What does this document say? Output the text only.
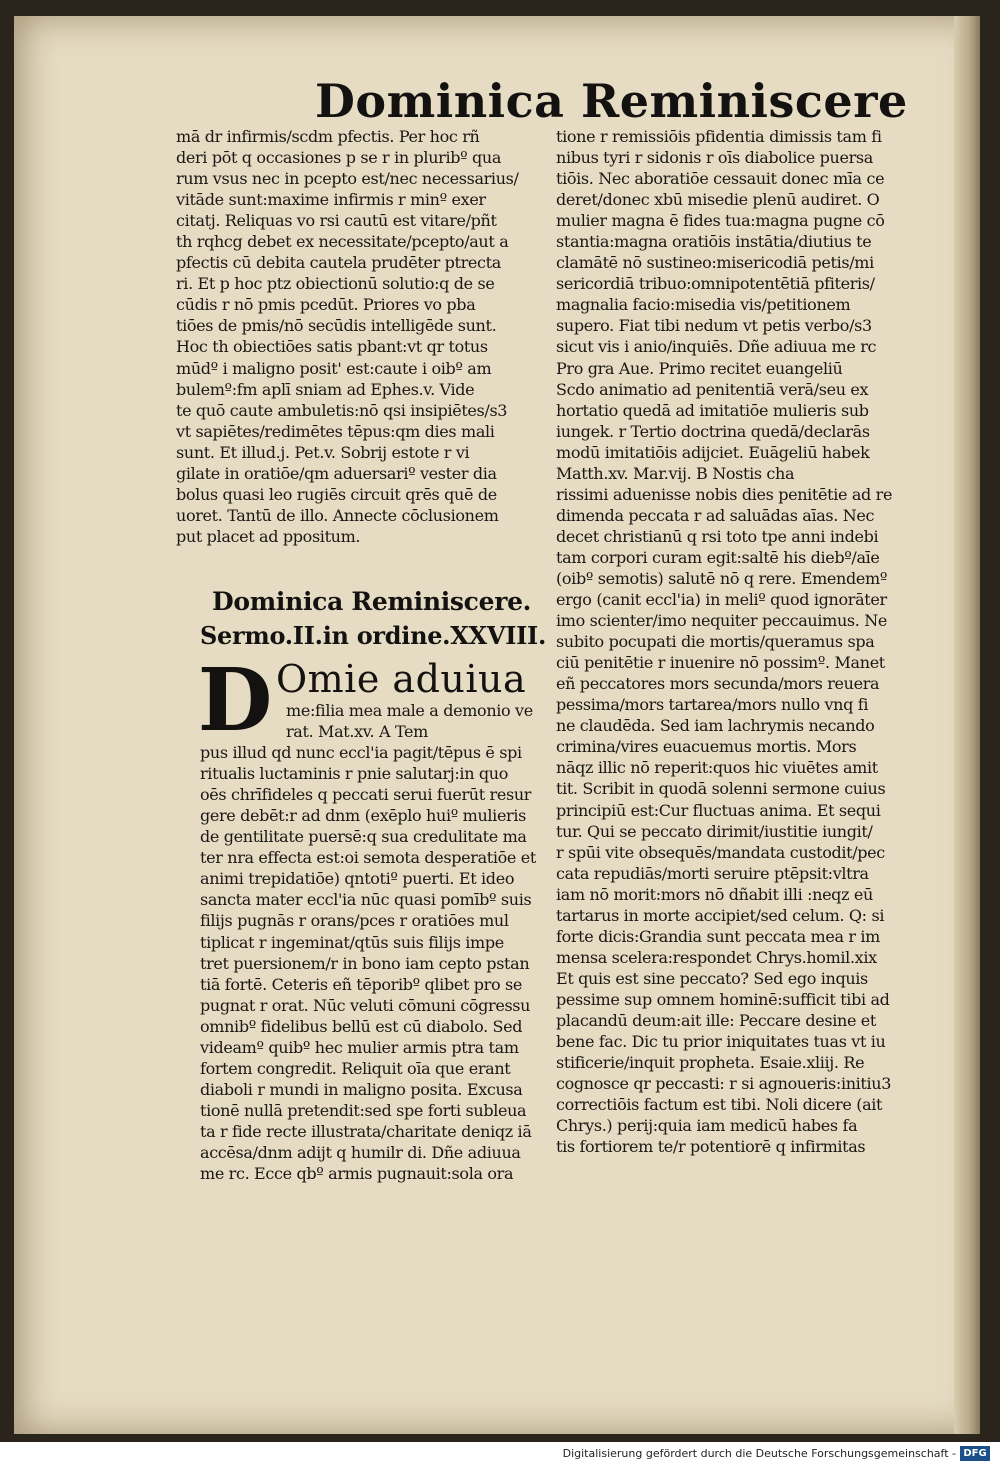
Dominica Reminiscere
mā dr infirmis/scdm pfectis. Per hoc rñ
deri pōt q occasiones p se r in pluribº qua
rum vsus nec in pcepto est/nec necessarius/
vitāde sunt:maxime infirmis r minº exer
citatj. Reliquas vo rsi cautū est vitare/pñt
th rqhcg debet ex necessitate/pcepto/aut a
pfectis cū debita cautela prudēter ptrecta
ri. Et p hoc ptz obiectionū solutio:q de se
cūdis r nō pmis pcedūt. Priores vo pba
tiōes de pmis/nō secūdis intelligēde sunt.
Hoc th obiectiōes satis pbant:vt qr totus
mūdº i maligno posit' est:caute i oibº am
bulemº:fm aplī sniam ad Ephes.v. Vide
te quō caute ambuletis:nō qsi insipiētes/s3
vt sapiētes/redimētes tēpus:qm dies mali
sunt. Et illud.j. Pet.v. Sobrij estote r vi
gilate in oratiōe/qm aduersariº vester dia
bolus quasi leo rugiēs circuit qrēs quē de
uoret. Tantū de illo. Annecte cōclusionem
put placet ad ppositum.
Dominica Reminiscere.
Sermo.II.in ordine.XXVIII.
D Omie aduiua
me:filia mea male a demonio ve
rat. Mat.xv. A Tem
pus illud qd nunc eccl'ia pagit/tēpus ē spi
ritualis luctaminis r pnie salutarj:in quo
oēs chrīfideles q peccati serui fuerūt resur
gere debēt:r ad dnm (exēplo huiº mulieris
de gentilitate puersē:q sua credulitate ma
ter nra effecta est:oi semota desperatiōe et
animi trepidatiōe) qntotiº puerti. Et ideo
sancta mater eccl'ia nūc quasi pomībº suis
filijs pugnās r orans/pces r oratiōes mul
tiplicat r ingeminat/qtūs suis filijs impe
tret puersionem/r in bono iam cepto pstan
tiā fortē. Ceteris eñ tēporibº qlibet pro se
pugnat r orat. Nūc veluti cōmuni cōgressu
omnibº fidelibus bellū est cū diabolo. Sed
videamº quibº hec mulier armis ptra tam
fortem congredit. Reliquit oīa que erant
diaboli r mundi in maligno posita. Excusa
tionē nullā pretendit:sed spe forti subleua
ta r fide recte illustrata/charitate deniqz iā
accēsa/dnm adijt q humilr di. Dñe adiuua
me rc. Ecce qbº armis pugnauit:sola ora
tione r remissiōis pfidentia dimissis tam fi
nibus tyri r sidonis r oīs diabolice puersa
tiōis. Nec aboratiōe cessauit donec mīa ce
deret/donec xbū misedie plenū audiret. O
mulier magna ē fides tua:magna pugne cō
stantia:magna oratiōis instātia/diutius te
clamātē nō sustineo:misericodiā petis/mi
sericordiā tribuo:omnipotentētiā pfiteris/
magnalia facio:misedia vis/petitionem
supero. Fiat tibi nedum vt petis verbo/s3
sicut vis i anio/inquiēs. Dñe adiuua me rc
Pro gra Aue. Primo recitet euangeliū
Scdo animatio ad penitentiā verā/seu ex
hortatio quedā ad imitatiōe mulieris sub
iungek. r Tertio doctrina quedā/declarās
modū imitatiōis adijciet. Euāgeliū habek
Matth.xv. Mar.vij. B Nostis cha
rissimi aduenisse nobis dies penitētie ad re
dimenda peccata r ad saluādas aīas. Nec
decet christianū q rsi toto tpe anni indebi
tam corpori curam egit:saltē his diebº/aīe
(oibº semotis) salutē nō q rere. Emendemº
ergo (canit eccl'ia) in meliº quod ignorāter
imo scienter/imo nequiter peccauimus. Ne
subito pocupati die mortis/queramus spa
ciū penitētie r inuenire nō possimº. Manet
eñ peccatores mors secunda/mors reuera
pessima/mors tartarea/mors nullo vnq fi
ne claudēda. Sed iam lachrymis necando
crimina/vires euacuemus mortis. Mors
nāqz illic nō reperit:quos hic viuētes amit
tit. Scribit in quodā solenni sermone cuius
principiū est:Cur fluctuas anima. Et sequi
tur. Qui se peccato dirimit/iustitie iungit/
r spūi vite obsequēs/mandata custodit/pec
cata repudiās/morti seruire ptēpsit:vltra
iam nō morit:mors nō dñabit illi :neqz eū
tartarus in morte accipiet/sed celum. Q: si
forte dicis:Grandia sunt peccata mea r im
mensa scelera:respondet Chrys.homil.xix
Et quis est sine peccato? Sed ego inquis
pessime sup omnem hominē:sufficit tibi ad
placandū deum:ait ille: Peccare desine et
bene fac. Dic tu prior iniquitates tuas vt iu
stificerie/inquit propheta. Esaie.xliij. Re
cognosce qr peccasti: r si agnoueris:initiu3
correctiōis factum est tibi. Noli dicere (ait
Chrys.) perij:quia iam medicū habes fa
tis fortiorem te/r potentiorē q infirmitas
Digitalisierung gefördert durch die Deutsche Forschungsgemeinschaft - DFG
